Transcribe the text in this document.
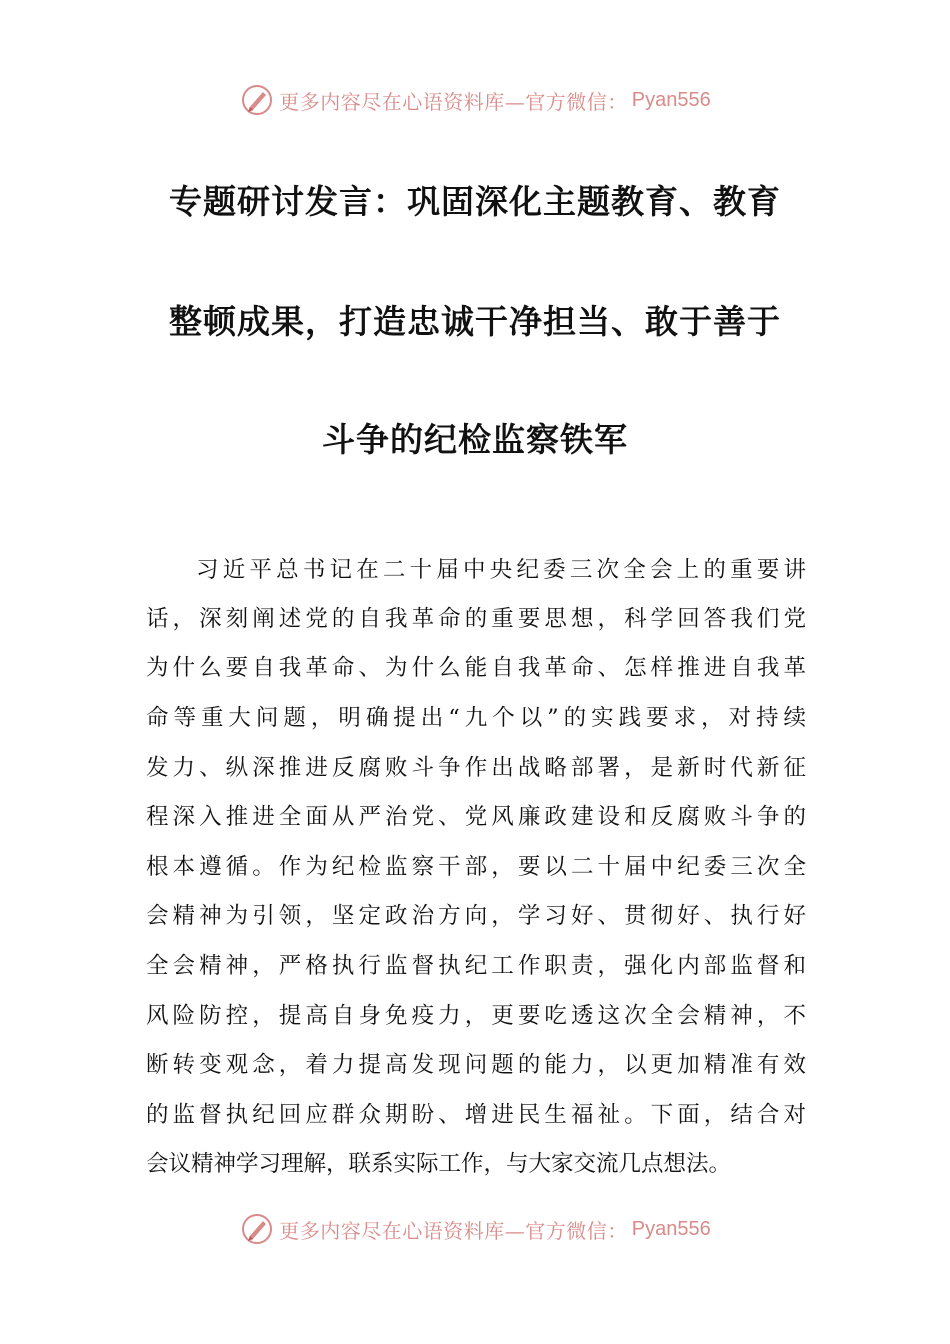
更多内容尽在心语资料库—官方微信： Pyan556
专题研讨发言：巩固深化主题教育、教育
整顿成果，打造忠诚干净担当、敢于善于
斗争的纪检监察铁军
习近平总书记在二十届中央纪委三次全会上的重要讲
话，深刻阐述党的自我革命的重要思想，科学回答我们党
为什么要自我革命、为什么能自我革命、怎样推进自我革
命等重大问题，明确提出“九个以”的实践要求，对持续
发力、纵深推进反腐败斗争作出战略部署，是新时代新征
程深入推进全面从严治党、党风廉政建设和反腐败斗争的
根本遵循。作为纪检监察干部，要以二十届中纪委三次全
会精神为引领，坚定政治方向，学习好、贯彻好、执行好
全会精神，严格执行监督执纪工作职责，强化内部监督和
风险防控，提高自身免疫力，更要吃透这次全会精神，不
断转变观念，着力提高发现问题的能力，以更加精准有效
的监督执纪回应群众期盼、增进民生福祉。下面，结合对
会议精神学习理解，联系实际工作，与大家交流几点想法。
更多内容尽在心语资料库—官方微信： Pyan556
